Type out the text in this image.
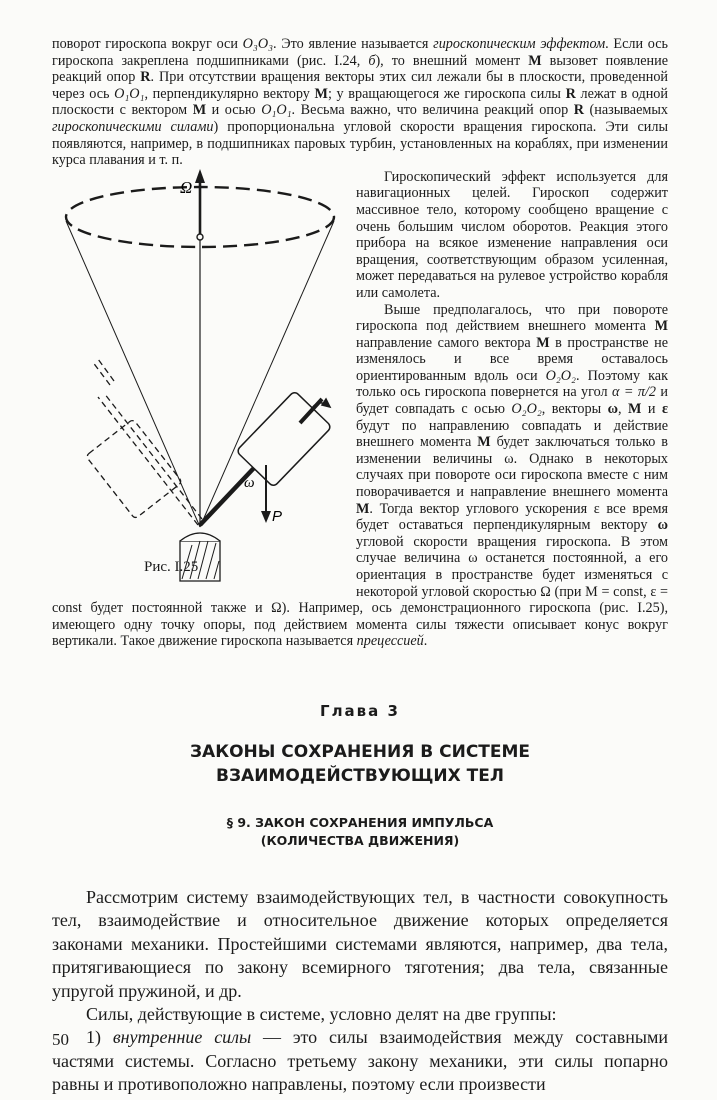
поворот гироскопа вокруг оси O₃O₃. Это явление называется гироскопическим эффектом. Если ось гироскопа закреплена подшипниками (рис. I.24, б), то внешний момент M вызовет появление реакций опор R. При отсутствии вращения векторы этих сил лежали бы в плоскости, проведенной через ось O₁O₁, перпендикулярно вектору M; у вращающегося же гироскопа силы R лежат в одной плоскости с вектором M и осью O₁O₁. Весьма важно, что величина реакций опор R (называемых гироскопическими силами) пропорциональна угловой скорости вращения гироскопа. Эти силы появляются, например, в подшипниках паровых турбин, установленных на кораблях, при изменении курса плавания и т. п.

Ω
ω
P
Рис. I.25

Гироскопический эффект используется для навигационных целей. Гироскоп содержит массивное тело, которому сообщено вращение с очень большим числом оборотов. Реакция этого прибора на всякое изменение направления оси вращения, соответствующим образом усиленная, может передаваться на рулевое устройство корабля или самолета.

Выше предполагалось, что при повороте гироскопа под действием внешнего момента M направление самого вектора M в пространстве не изменялось и все время оставалось ориентированным вдоль оси O₂O₂. Поэтому как только ось гироскопа повернется на угол α = π/2 и будет совпадать с осью O₂O₂, векторы ω, M и ε будут по направлению совпадать и действие внешнего момента M будет заключаться только в изменении величины ω. Однако в некоторых случаях при повороте оси гироскопа вместе с ним поворачивается и направление внешнего момента M. Тогда вектор углового ускорения ε все время будет оставаться перпендикулярным вектору ω угловой скорости вращения гироскопа. В этом случае величина ω останется постоянной, а его ориентация в пространстве будет изменяться с некоторой угловой скоростью Ω (при M = const, ε = const будет постоянной также и Ω). Например, ось демонстрационного гироскопа (рис. I.25), имеющего одну точку опоры, под действием момента силы тяжести описывает конус вокруг вертикали. Такое движение гироскопа называется прецессией.

Глава 3
ЗАКОНЫ СОХРАНЕНИЯ В СИСТЕМЕ
ВЗАИМОДЕЙСТВУЮЩИХ ТЕЛ
§ 9. ЗАКОН СОХРАНЕНИЯ ИМПУЛЬСА
(КОЛИЧЕСТВА ДВИЖЕНИЯ)

Рассмотрим систему взаимодействующих тел, в частности совокупность тел, взаимодействие и относительное движение которых определяется законами механики. Простейшими системами являются, например, два тела, притягивающиеся по закону всемирного тяготения; два тела, связанные упругой пружиной, и др.

Силы, действующие в системе, условно делят на две группы:

1) внутренние силы — это силы взаимодействия между составными частями системы. Согласно третьему закону механики, эти силы попарно равны и противоположно направлены, поэтому если произвести

50
